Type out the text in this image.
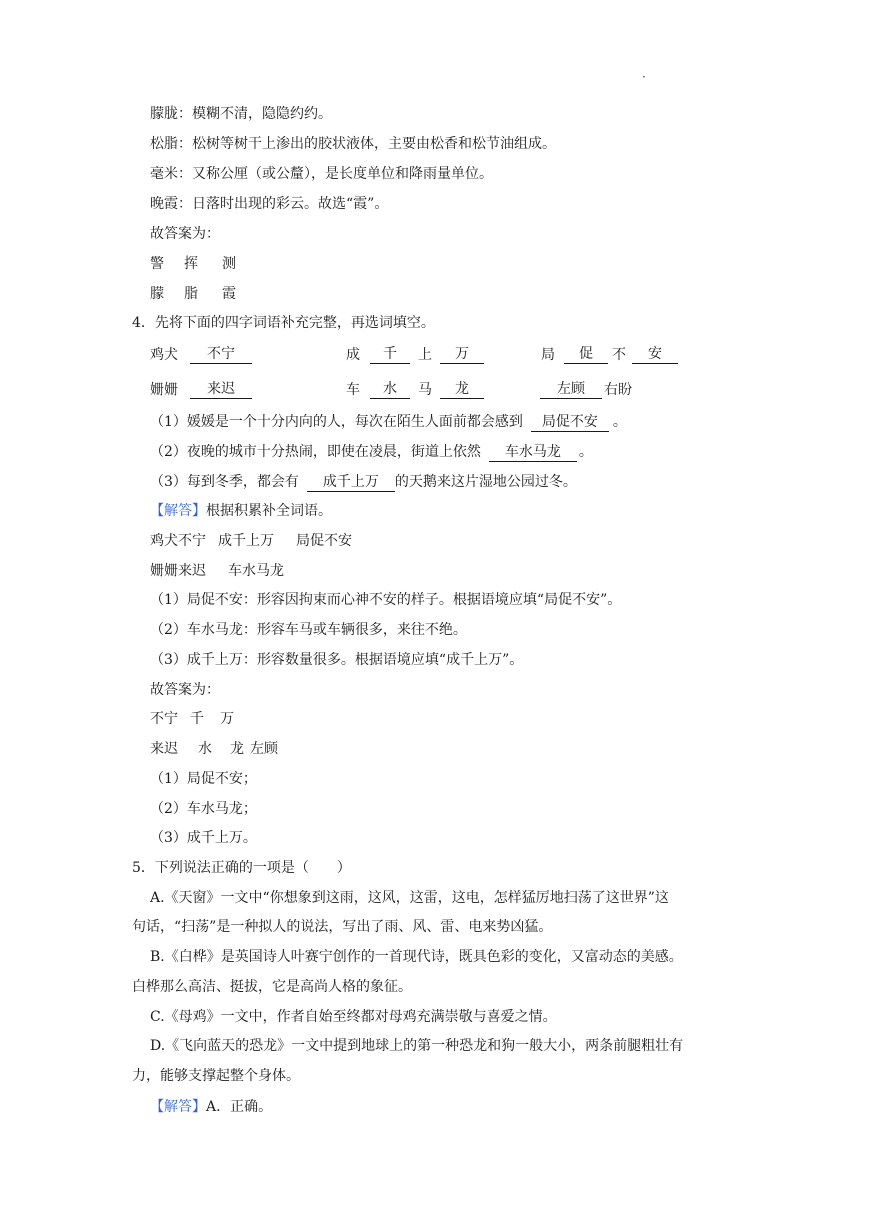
·
朦胧：模糊不清，隐隐约约。
松脂：松树等树干上渗出的胶状液体，主要由松香和松节油组成。
毫米：又称公厘（或公釐），是长度单位和降雨量单位。
晚霞：日落时出现的彩云。故选“霞”。
故答案为：
警 挥 测
朦 脂 霞
4．先将下面的四字词语补充完整，再选词填空。
鸡犬	不宁	成	千	上	万	局	促	不	安
姗姗	来迟	车	水	马	龙	左顾	右盼
（1）媛媛是一个十分内向的人，每次在陌生人面前都会感到 局促不安 。
（2）夜晚的城市十分热闹，即使在凌晨，街道上依然 车水马龙 。
（3）每到冬季，都会有 成千上万 的天鹅来这片湿地公园过冬。
【解答】根据积累补全词语。
鸡犬不宁 成千上万 局促不安
姗姗来迟 车水马龙
（1）局促不安：形容因拘束而心神不安的样子。根据语境应填“局促不安”。
（2）车水马龙：形容车马或车辆很多，来往不绝。
（3）成千上万：形容数量很多。根据语境应填“成千上万”。
故答案为：
不宁 千 万
来迟 水 龙 左顾
（1）局促不安；
（2）车水马龙；
（3）成千上万。
5．下列说法正确的一项是（　　）
A.《天窗》一文中“你想象到这雨，这风，这雷，这电，怎样猛厉地扫荡了这世界”这
句话，“扫荡”是一种拟人的说法，写出了雨、风、雷、电来势凶猛。
B.《白桦》是英国诗人叶赛宁创作的一首现代诗，既具色彩的变化，又富动态的美感。
白桦那么高洁、挺拔，它是高尚人格的象征。
C.《母鸡》一文中，作者自始至终都对母鸡充满崇敬与喜爱之情。
D.《飞向蓝天的恐龙》一文中提到地球上的第一种恐龙和狗一般大小，两条前腿粗壮有
力，能够支撑起整个身体。
【解答】A．正确。
